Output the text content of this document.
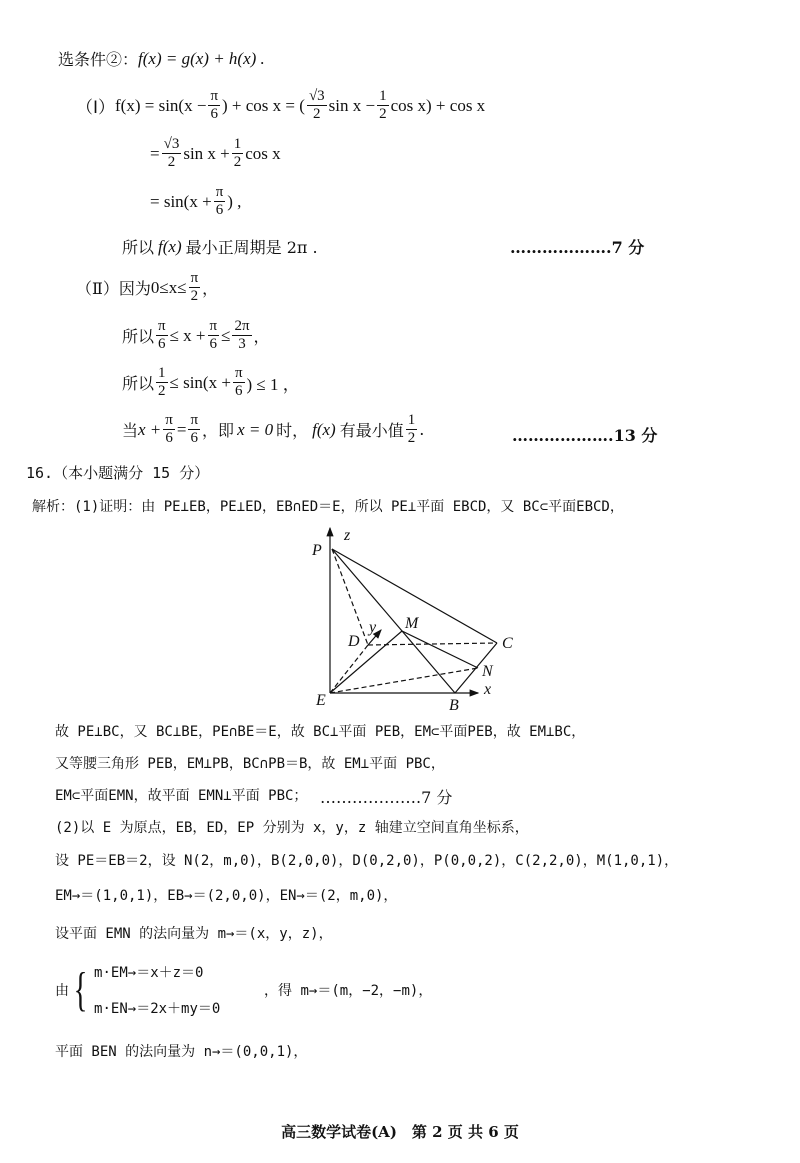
选条件②： f(x) = g(x) + h(x) .
（Ⅰ） $f(x) = \sin(x - \frac{\pi}{6}$ ) + cos x = ( $\frac{√3}{2}$ $\sin x - \frac{1}{2}$ cos x) + cos x
= $\frac{√3}{2}$ $\sin x + \frac{1}{2}$ cos x
= $\sin(x + \frac{\pi}{6}$ ) ,
所以 f(x) 最小正周期是 2π .	……………….7 分
（Ⅱ）因为 $0\le x\le \frac{\pi}{2}$ ，
所以 $\frac{\pi}{6} \le x + \frac{\pi}{6} \le \frac{2\pi}{3}$ ，
所以 $\frac{1}{2} \le \sin(x + \frac{\pi}{6}$ ) ≤ 1 ，
当 $x + \frac{\pi}{6} = \frac{\pi}{6}$ ，即 x = 0 时， f(x) 有最小值 $\frac{1}{2}$ .	……………….13 分
16.（本小题满分 15 分）
解析：(1)证明：由 PE⊥EB，PE⊥ED，EB∩ED＝E，所以 PE⊥平面 EBCD，又 BC⊂平面EBCD，
P
z
D
y M
C
N
E	B
x
故 PE⊥BC，又 BC⊥BE，PE∩BE＝E，故 BC⊥平面 PEB，EM⊂平面PEB，故 EM⊥BC，
又等腰三角形 PEB，EM⊥PB，BC∩PB＝B，故 EM⊥平面 PBC，
EM⊂平面EMN，故平面 EMN⊥平面 PBC； ……………….7 分
(2)以 E 为原点，EB，ED，EP 分别为 x，y，z 轴建立空间直角坐标系，
设 PE＝EB＝2，设 N(2，m,0)，B(2,0,0)，D(0,2,0)，P(0,0,2)，C(2,2,0)，M(1,0,1)，
EM→＝(1,0,1)，EB→＝(2,0,0)，EN→＝(2，m,0)，
设平面 EMN 的法向量为 m→＝(x，y，z)，
由 { m·EM→＝x＋z＝0
m·EN→＝2x＋my＝0
，得 m→＝(m，−2，−m)，
平面 BEN 的法向量为 n→＝(0,0,1)，
高三数学试卷(A)　第 2 页 共 6 页
